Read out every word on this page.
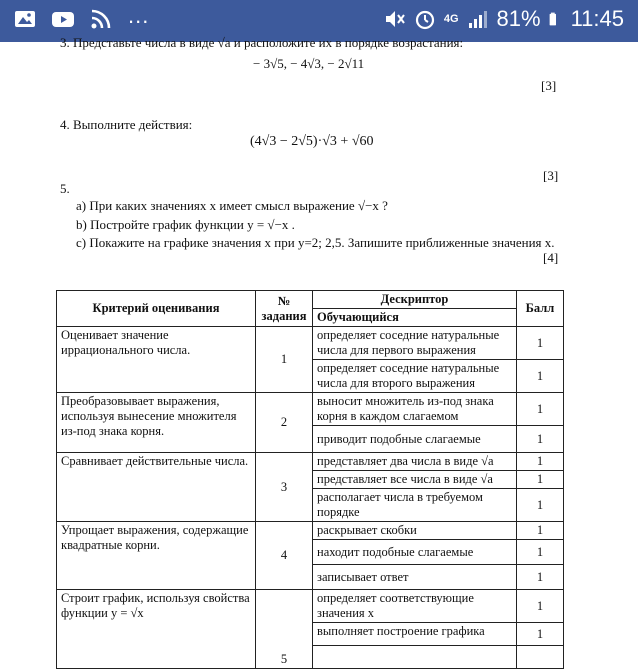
...	4G 81% 11:45
3. Представьте числа в виде √a и расположите их в порядке возрастания:
− 3√5, − 4√3, − 2√11
[3]
4. Выполните действия:
(4√3 − 2√5)·√3 + √60
[3]
5.
a) При каких значениях x имеет смысл выражение √−x ?
b) Постройте график функции y = √−x .
c) Покажите на графике значения x при y=2; 2,5. Запишите приближенные значения x.
[4]
Критерий оценивания	№ задания	Дескриптор	Балл
		Обучающийся	
Оценивает значение иррационального числа.	1	определяет соседние натуральные числа для первого выражения	1
		определяет соседние натуральные числа для второго выражения	1
Преобразовывает выражения, используя вынесение множителя из-под знака корня.	2	выносит множитель из-под знака корня в каждом слагаемом	1
		приводит подобные слагаемые	1
Сравнивает действительные числа.	3	представляет два числа в виде √a	1
		представляет все числа в виде √a	1
		располагает числа в требуемом порядке	1
Упрощает выражения, содержащие квадратные корни.	4	раскрывает скобки	1
		находит подобные слагаемые	1
		записывает ответ	1
Строит график, используя свойства функции y = √x	5	определяет соответствующие значения x	1
		выполняет построение графика	1
